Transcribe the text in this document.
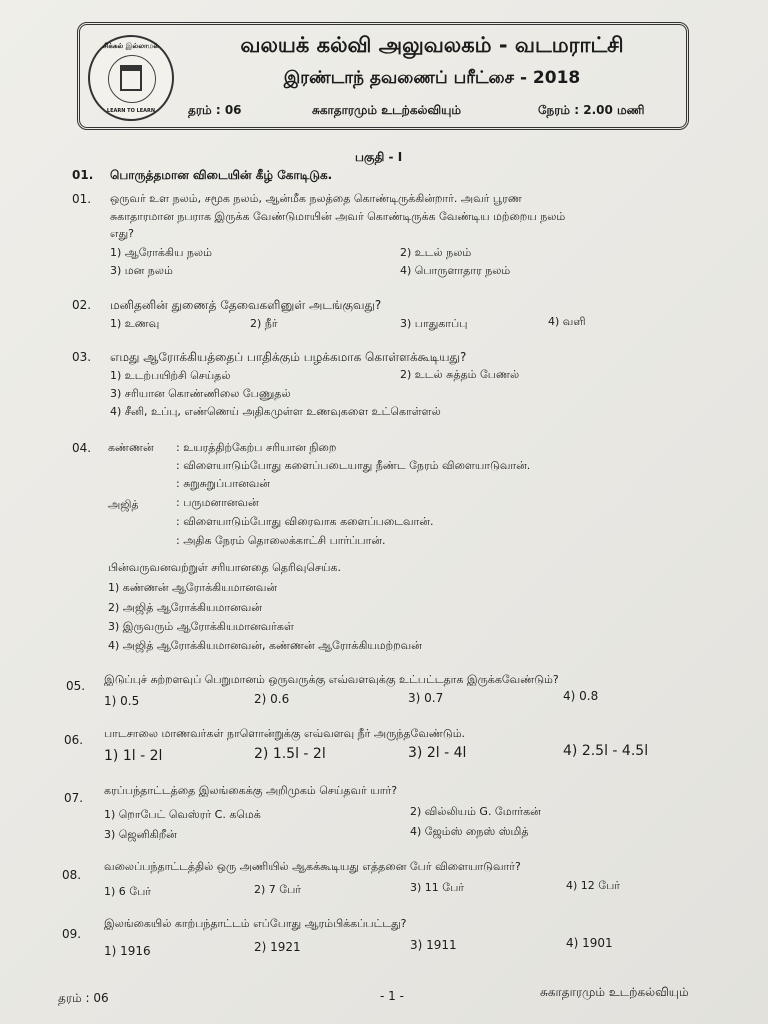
சிக்கல் இல்லாமல்
LEARN TO LEARN
வலயக் கல்வி அலுவலகம் - வடமராட்சி
இரண்டாந் தவணைப் பரீட்சை - 2018
தரம் : 06	சுகாதாரமும் உடற்கல்வியும்	நேரம் : 2.00 மணி
பகுதி - I
01. பொருத்தமான விடையின் கீழ் கோடிடுக.
01. ஒருவர் உள நலம், சமூக நலம், ஆன்மீக நலத்தை கொண்டிருக்கின்றார். அவர் பூரண
சுகாதாரமான நபராக இருக்க வேண்டுமாயின் அவர் கொண்டிருக்க வேண்டிய மற்றைய நலம்
எது?
1) ஆரோக்கிய நலம்	2) உடல் நலம்
3) மன நலம்	4) பொருளாதார நலம்
02. மனிதனின் துணைத் தேவைகளினுள் அடங்குவது?
1) உணவு	2) நீர்	3) பாதுகாப்பு	4) வளி
03. எமது ஆரோக்கியத்தைப் பாதிக்கும் பழக்கமாக கொள்ளக்கூடியது?
1) உடற்பயிற்சி செய்தல்	2) உடல் சுத்தம் பேணல்
3) சரியான கொண்ணிலை பேணுதல்
4) சீனி, உப்பு, எண்ணெய் அதிகமுள்ள உணவுகளை உட்கொள்ளல்
04. கண்ணன் : உயரத்திற்கேற்ப சரியான நிறை
: விளையாடும்போது களைப்படையாது நீண்ட நேரம் விளையாடுவான்.
: சுறுசுறுப்பானவன்
அஜித்	: பருமனானவன்
: விளையாடும்போது விரைவாக களைப்படைவான்.
: அதிக நேரம் தொலைக்காட்சி பார்ப்பான்.
பின்வருவனவற்றுள் சரியானதை தெரிவுசெய்க.
1) கண்ணன் ஆரோக்கியமானவன்
2) அஜித் ஆரோக்கியமானவன்
3) இருவரும் ஆரோக்கியமானவர்கள்
4) அஜித் ஆரோக்கியமானவன், கண்ணன் ஆரோக்கியமற்றவன்
05. இடுப்புச் சுற்றளவுப் பெறுமானம் ஒருவருக்கு எவ்வளவுக்கு உட்பட்டதாக இருக்கவேண்டும்?
1) 0.5	2) 0.6	3) 0.7	4) 0.8
06. பாடசாலை மாணவர்கள் நாளொன்றுக்கு எவ்வளவு நீர் அருந்தவேண்டும்.
1) 1l - 2l	2) 1.5l - 2l	3) 2l - 4l	4) 2.5l - 4.5l
07.
கரப்பந்தாட்டத்தை இலங்கைக்கு அறிமுகம் செய்தவர் யார்?
1) றொபேட் வெஸ்ரர் C. கமெக்	2) வில்லியம் G. மோர்கன்
3) ஜெனிகிறீன்	4) ஜேம்ஸ் நைஸ் ஸ்மித்
08.
வலைப்பந்தாட்டத்தில் ஒரு அணியில் ஆகக்கூடியது எத்தனை பேர் விளையாடுவார்?
1) 6 பேர்	2) 7 பேர்	3) 11 பேர்	4) 12 பேர்
09.
இலங்கையில் காற்பந்தாட்டம் எப்போது ஆரம்பிக்கப்பட்டது?
1) 1916	2) 1921	3) 1911	4) 1901
தரம் : 06	- 1 -	சுகாதாரமும் உடற்கல்வியும்
